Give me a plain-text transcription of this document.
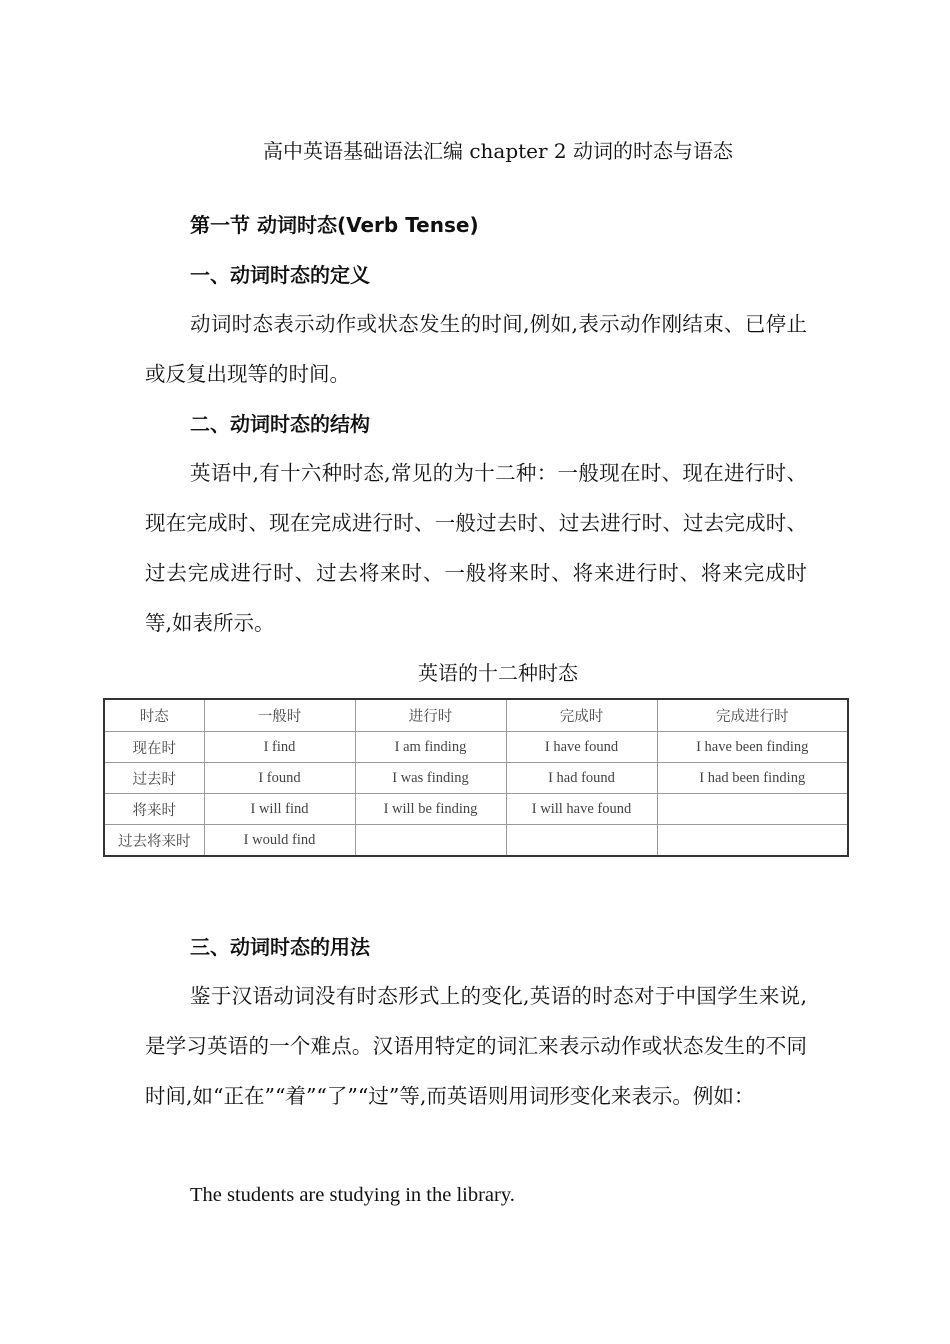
高中英语基础语法汇编 chapter 2 动词的时态与语态
第一节 动词时态(Verb Tense)
一、动词时态的定义

动词时态表示动作或状态发生的时间,例如,表示动作刚结束、已停止或反复出现等的时间。

二、动词时态的结构

英语中,有十六种时态,常见的为十二种：一般现在时、现在进行时、现在完成时、现在完成进行时、一般过去时、过去进行时、过去完成时、过去完成进行时、过去将来时、一般将来时、将来进行时、将来完成时等,如表所示。

英语的十二种时态
时态	一般时	进行时	完成时	完成进行时
现在时	I find	I am finding	I have found	I have been finding
过去时	I found	I was finding	I had found	I had been finding
将来时	I will find	I will be finding	I will have found	
过去将来时	I would find			
三、动词时态的用法

鉴于汉语动词没有时态形式上的变化,英语的时态对于中国学生来说,是学习英语的一个难点。汉语用特定的词汇来表示动作或状态发生的不同时间,如“正在”“着”“了”“过”等,而英语则用词形变化来表示。例如：

The students are studying in the library.
